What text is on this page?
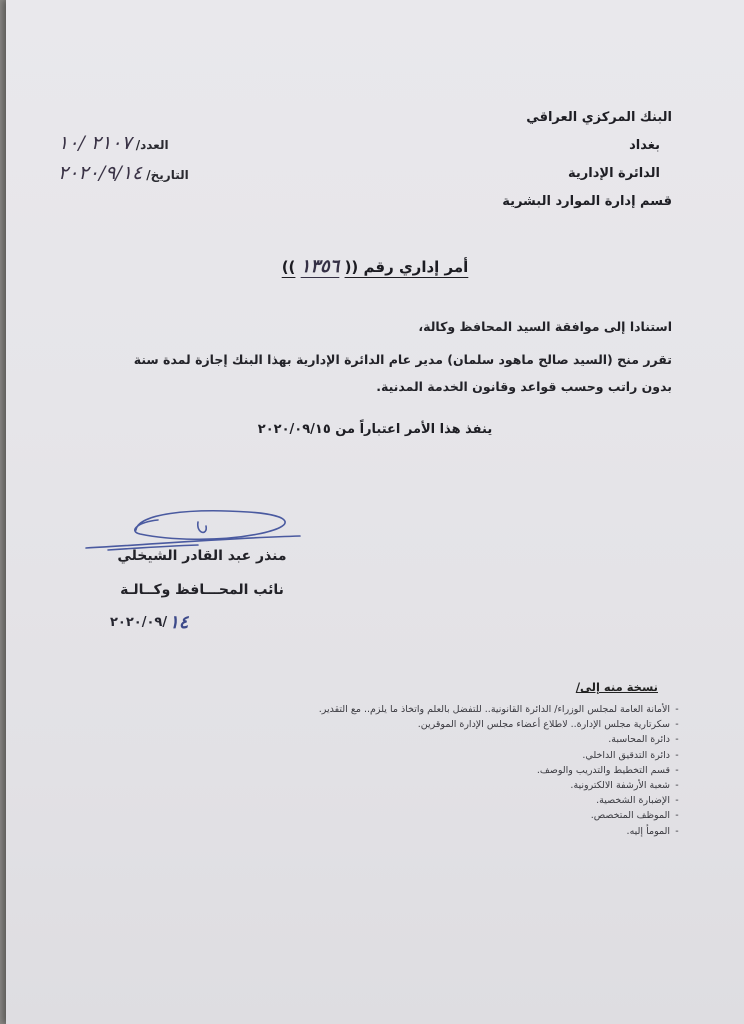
البنك المركزي العراقي
بغداد
الدائرة الإدارية
قسم إدارة الموارد البشرية
العدد/
٢١٠٧ /١٠
التاريخ/
٢٠٢٠/٩/١٤
أمر إداري رقم (( ١٣٥٦ ))
استنادا إلى موافقة السيد المحافظ وكالة،
تقرر منح (السيد صالح ماهود سلمان) مدير عام الدائرة الإدارية بهذا البنك إجازة لمدة سنة بدون راتب وحسب قواعد وقانون الخدمة المدنية.
ينفذ هذا الأمر اعتباراً من ٢٠٢٠/٠٩/١٥
منذر عبد القادر الشيخلي
نائب المحـــافظ وكــالـة
٢٠٢٠/٠٩/ ١٤
نسخة منه إلى/
- الأمانة العامة لمجلس الوزراء/ الدائرة القانونية.. للتفضل بالعلم واتخاذ ما يلزم.. مع التقدير.
- سكرتارية مجلس الإدارة.. لاطلاع أعضاء مجلس الإدارة الموقرين.
- دائرة المحاسبة.
- دائرة التدقيق الداخلي.
- قسم التخطيط والتدريب والوصف.
- شعبة الأرشفة الالكترونية.
- الإضبارة الشخصية.
- الموظف المتخصص.
- المومأ إليه.
